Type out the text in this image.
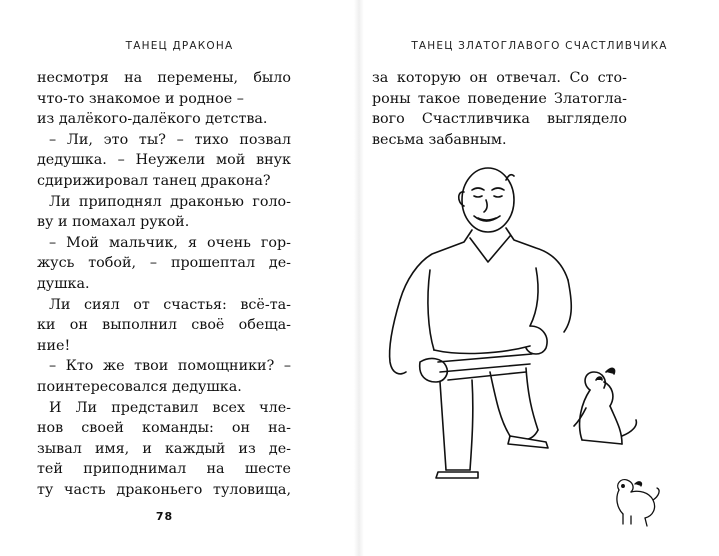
ТАНЕЦ ДРАКОНА
несмотря на перемены, было
что-то знакомое и родное –
из далёкого-далёкого детства.
– Ли, это ты? – тихо позвал
дедушка. – Неужели мой внук
сдирижировал танец дракона?
Ли приподнял драконью голо-
ву и помахал рукой.
– Мой мальчик, я очень гор-
жусь тобой, – прошептал де-
душка.
Ли сиял от счастья: всё-та-
ки он выполнил своё обеща-
ние!
– Кто же твои помощники? –
поинтересовался дедушка.
И Ли представил всех чле-
нов своей команды: он на-
зывал имя, и каждый из де-
тей приподнимал на шесте
ту часть драконьего туловища,
78
ТАНЕЦ ЗЛАТОГЛАВОГО СЧАСТЛИВЧИКА
за которую он отвечал. Со сто-
роны такое поведение Златогла-
вого Счастливчика выглядело
весьма забавным.
